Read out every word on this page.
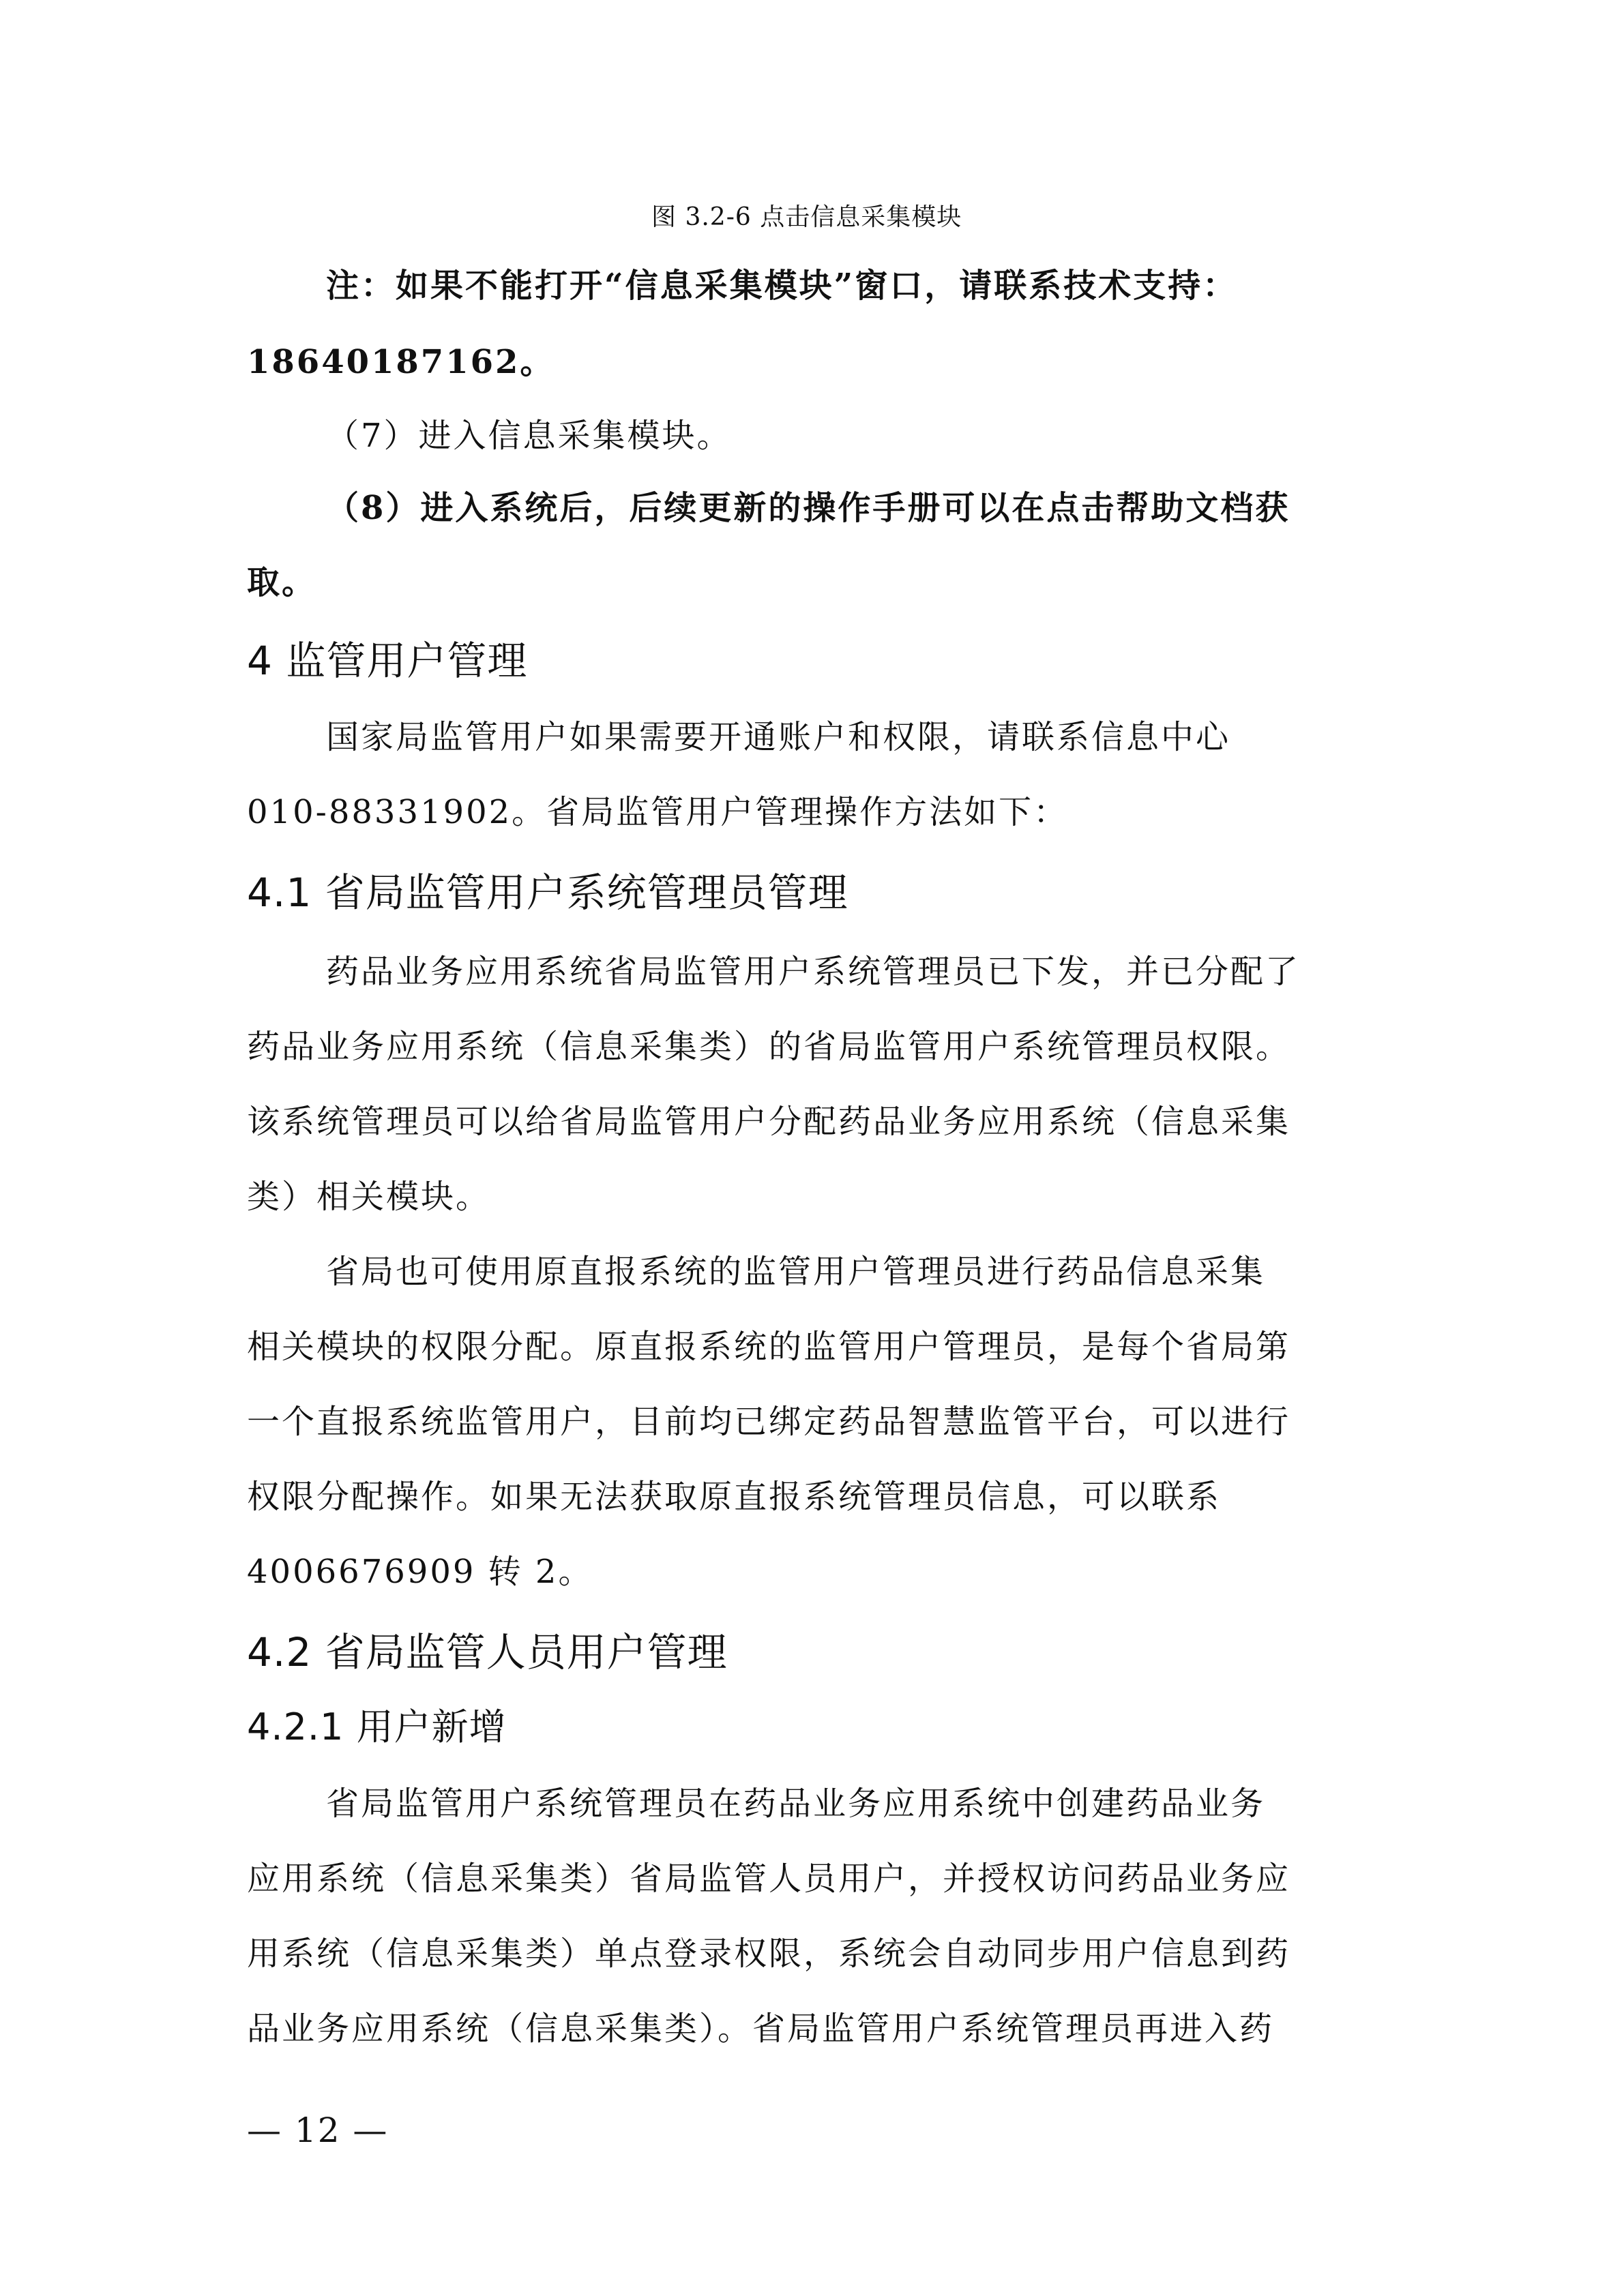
图 3.2-6 点击信息采集模块

注：如果不能打开“信息采集模块”窗口，请联系技术支持：

18640187162。

（7）进入信息采集模块。

（8）进入系统后，后续更新的操作手册可以在点击帮助文档获

取。

4 监管用户管理

国家局监管用户如果需要开通账户和权限，请联系信息中心

010-88331902。省局监管用户管理操作方法如下：

4.1 省局监管用户系统管理员管理

药品业务应用系统省局监管用户系统管理员已下发，并已分配了

药品业务应用系统（信息采集类）的省局监管用户系统管理员权限。

该系统管理员可以给省局监管用户分配药品业务应用系统（信息采集

类）相关模块。

省局也可使用原直报系统的监管用户管理员进行药品信息采集

相关模块的权限分配。原直报系统的监管用户管理员，是每个省局第

一个直报系统监管用户，目前均已绑定药品智慧监管平台，可以进行

权限分配操作。如果无法获取原直报系统管理员信息，可以联系

4006676909 转 2。

4.2 省局监管人员用户管理
4.2.1 用户新增

省局监管用户系统管理员在药品业务应用系统中创建药品业务

应用系统（信息采集类）省局监管人员用户，并授权访问药品业务应

用系统（信息采集类）单点登录权限，系统会自动同步用户信息到药

品业务应用系统（信息采集类）。省局监管用户系统管理员再进入药

— 12 —
